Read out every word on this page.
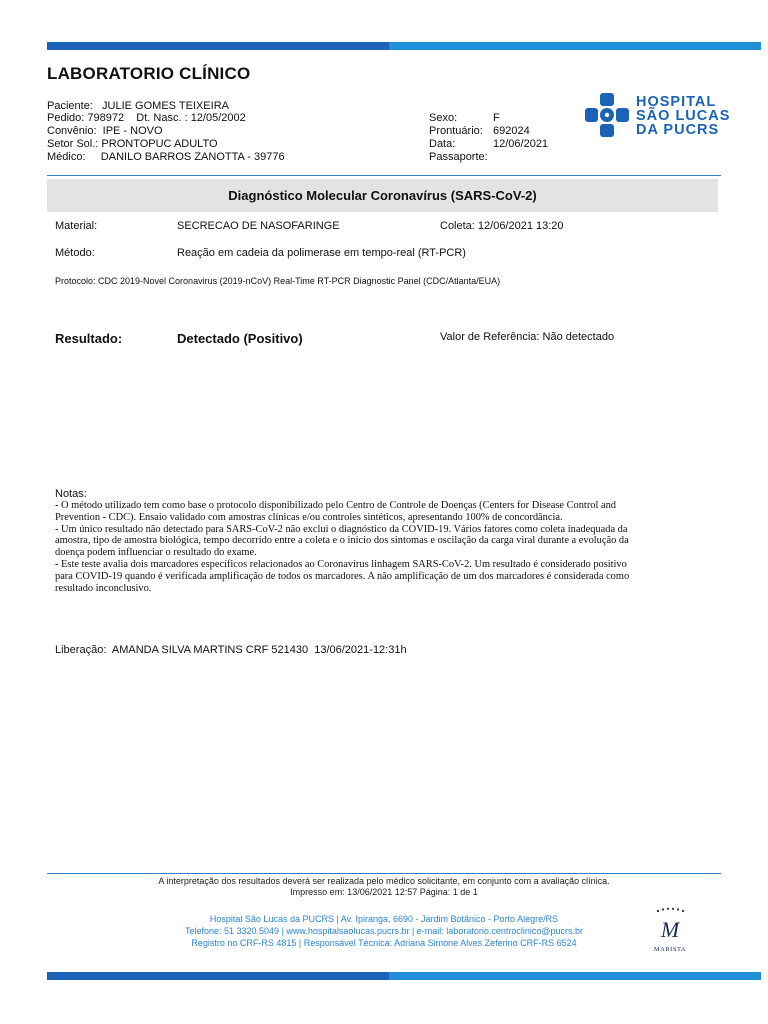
LABORATORIO CLÍNICO
Paciente:   JULIE GOMES TEIXEIRA
Pedido: 798972    Dt. Nasc. : 12/05/2002
Convênio:  IPE - NOVO
Setor Sol.: PRONTOPUC ADULTO
Médico:     DANILO BARROS ZANOTTA - 39776
Sexo:	F
Prontuário: 692024
Data:	12/06/2021
Passaporte:
HOSPITAL
SÃO LUCAS
DA PUCRS
Diagnóstico Molecular Coronavírus (SARS-CoV-2)
Material:	SECRECAO DE NASOFARINGE	Coleta: 12/06/2021 13:20
Método:	Reação em cadeia da polimerase em tempo-real (RT-PCR)
Protocolo: CDC 2019-Novel Coronavirus (2019-nCoV) Real-Time RT-PCR Diagnostic Panel (CDC/Atlanta/EUA)
Resultado:	Detectado (Positivo)	Valor de Referência: Não detectado
Notas:

- O método utilizado tem como base o protocolo disponibilizado pelo Centro de Controle de Doenças (Centers for Disease Control and

Prevention - CDC). Ensaio validado com amostras clínicas e/ou controles sintéticos, apresentando 100% de concordância.

- Um único resultado não detectado para SARS-CoV-2 não exclui o diagnóstico da COVID-19. Vários fatores como coleta inadequada da

amostra, tipo de amostra biológica, tempo decorrido entre a coleta e o início dos sintomas e oscilação da carga viral durante a evolução da

doença podem influenciar o resultado do exame.

- Este teste avalia dois marcadores específicos relacionados ao Coronavírus linhagem SARS-CoV-2. Um resultado é considerado positivo

para COVID-19 quando é verificada amplificação de todos os marcadores. A não amplificação de um dos marcadores é considerada como

resultado inconclusivo.

Liberação:  AMANDA SILVA MARTINS CRF 521430  13/06/2021-12:31h
A interpretação dos resultados deverá ser realizada pelo médico solicitante, em conjunto com a avaliação clínica.
Impresso em: 13/06/2021 12:57 Página: 1 de 1
Hospital São Lucas da PUCRS | Av. Ipiranga, 6690 - Jardim Botânico - Porto Alegre/RS
Telefone: 51 3320.5049 | www.hospitalsaolucas.pucrs.br | e-mail: laboratorio.centroclinico@pucrs.br
Registro no CRF-RS 4815 | Responsável Técnica: Adriana Simone Alves Zeferino CRF-RS 6524
M
MARISTA
